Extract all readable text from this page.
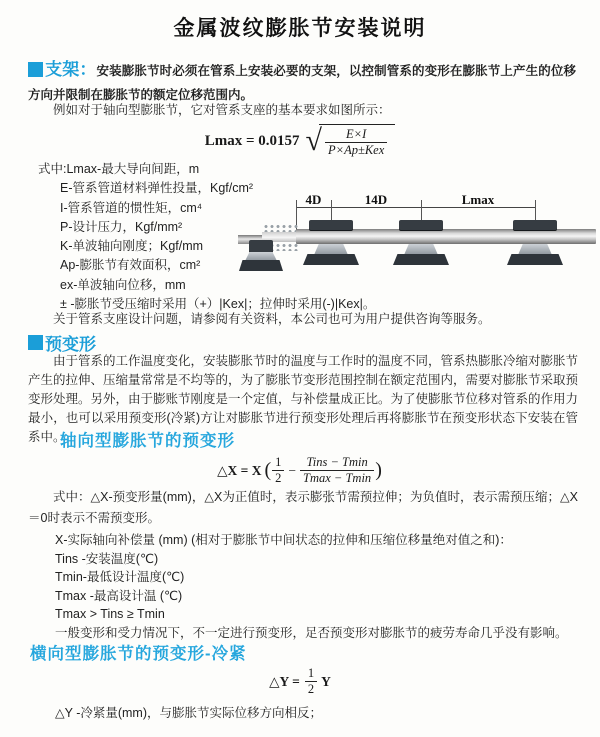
金属波纹膨胀节安装说明
支架：安装膨胀节时必须在管系上安装必要的支架，以控制管系的变形在膨胀节上产生的位移方向并限制在膨胀节的额定位移范围内。
例如对于轴向型膨胀节，它对管系支座的基本要求如图所示：
Lmax = 0.0157 √ $\frac{E\times I}{\text{P×Ap±Kex}}$
式中:Lmax-最大导向间距，m
E-管系管道材料弹性投量，Kgf/cm²
I-管系管道的惯性矩，cm⁴
P-设计压力，Kgf/mm²
K-单波轴向刚度；Kgf/mm
Ap-膨胀节有效面积，cm²
ex-单波轴向位移，mm
± -膨胀节受压缩时采用（+）|Kex|；拉伸时采用(-)|Kex|。
关于管系支座设计问题，请参阅有关资料，本公司也可为用户提供咨询等服务。
4D	14D	Lmax
预变形
由于管系的工作温度变化，安装膨胀节时的温度与工作时的温度不同，管系热膨胀冷缩对膨胀节产生的拉伸、压缩量常常是不均等的，为了膨胀节变形范围控制在额定范围内，需要对膨胀节采取预变形处理。另外，由于膨账节刚度是一个定值，与补偿量成正比。为了使膨胀节位移对管系的作用力最小，也可以采用预变形(冷紧)方让对膨胀节进行预变形处理后再将膨胀节在预变形状态下安装在管系中。
轴向型膨胀节的预变形
△X = X ( $\frac{1}{2} - \frac{\text{Tins − Tmin}}{Tmax - Tmin}$ )
式中：△X-预变形量(mm)，△X为正值时，表示膨张节需预拉伸；为负值时，表示需预压缩；△X＝0时表示不需预变形。
X-实际轴向补偿量 (mm) (相对于膨胀节中间状态的拉伸和压缩位移量绝对值之和)：
Tins -安装温度(℃)
Tmin-最低设计温度(℃)
Tmax -最高设计温 (℃)
Tmax > Tins ≥ Tmin
一般变形和受力情况下，不一定进行预变形，足否预变形对膨胀节的疲劳寿命几乎没有影响。
横向型膨胀节的预变形-冷紧
△Y = $\frac{1}{2}$ Y
△Y -冷紧量(mm)，与膨胀节实际位移方向相反；
